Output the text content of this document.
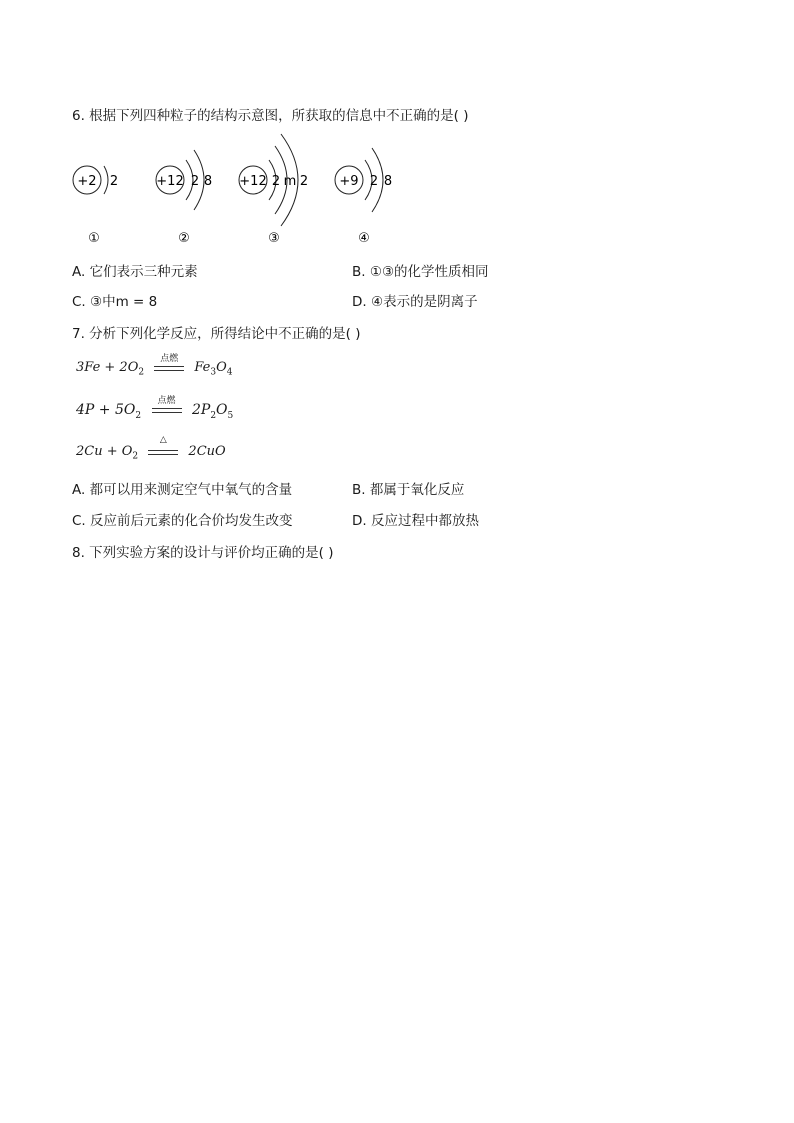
6. 根据下列四种粒子的结构示意图，所获取的信息中不正确的是( )
+2 2
①
+12 2 8
②
+12 2 m 2
③
+9 2 8
④
A. 它们表示三种元素	B. ①③的化学性质相同
C. ③中m = 8	D. ④表示的是阴离子
7. 分析下列化学反应，所得结论中不正确的是( )
$3Fe + 2O_2$
点燃
$Fe_3O_4$
$4P + 5O_2$
点燃
$2P_2O_5$
$2Cu + O_2$
△
2CuO
A. 都可以用来测定空气中氧气的含量	B. 都属于氧化反应
C. 反应前后元素的化合价均发生改变	D. 反应过程中都放热
8. 下列实验方案的设计与评价均正确的是( )
